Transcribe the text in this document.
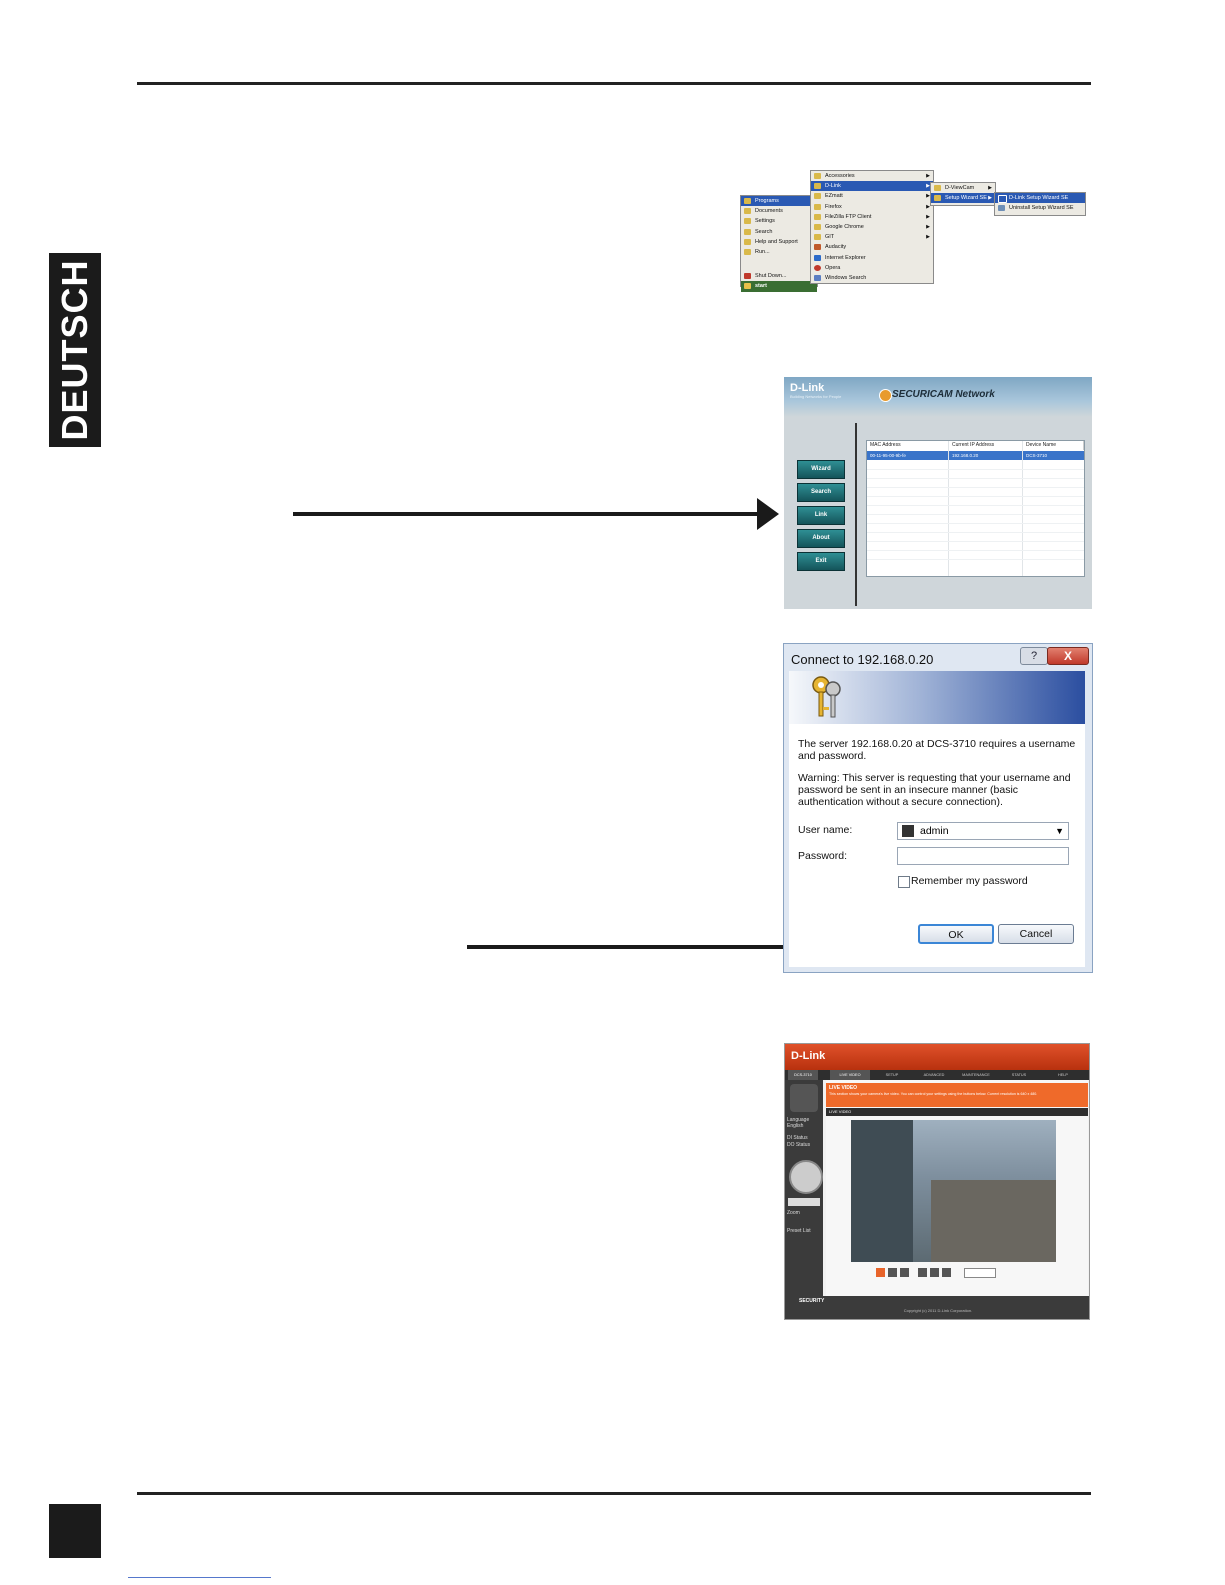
DEUTSCH
Programs
Documents
Settings
Search
Help and Support
Run...
Shut Down...
start
Accessories	▶
D-Link	▶
EZmatt	▶
Firefox	▶
FileZilla FTP Client	▶
Google Chrome	▶
GIT	▶
Audacity
Internet Explorer
Opera
Windows Search
D-ViewCam	▶
Setup Wizard SE ▶	D-Link Setup Wizard SE
Uninstall Setup Wizard SE
D-Link
Building Networks for People	SECURICAM Network
Wizard
Search
Link
About
Exit
MAC Address	Current IP Address	Device Name
00-11-95-00-9b-fe	192.168.0.20	DCS-3710
Connect to 192.168.0.20	?	X
The server 192.168.0.20 at DCS-3710 requires a username and password.
Warning: This server is requesting that your username and password be sent in an insecure manner (basic authentication without a secure connection).
User name:	admin	▼
Password:
Remember my password
OK	Cancel
D-Link
DCS-3710	LIVE VIDEO	SETUP	ADVANCED	MAINTENANCE	STATUS	HELP
Language
English
DI Status
DO Status
Zoom
Preset List
LIVE VIDEO
This section shows your camera's live video. You can control your settings using the buttons below. Current resolution is 640 x 480.
LIVE VIDEO
SECURITY
Copyright (c) 2011 D-Link Corporation.
